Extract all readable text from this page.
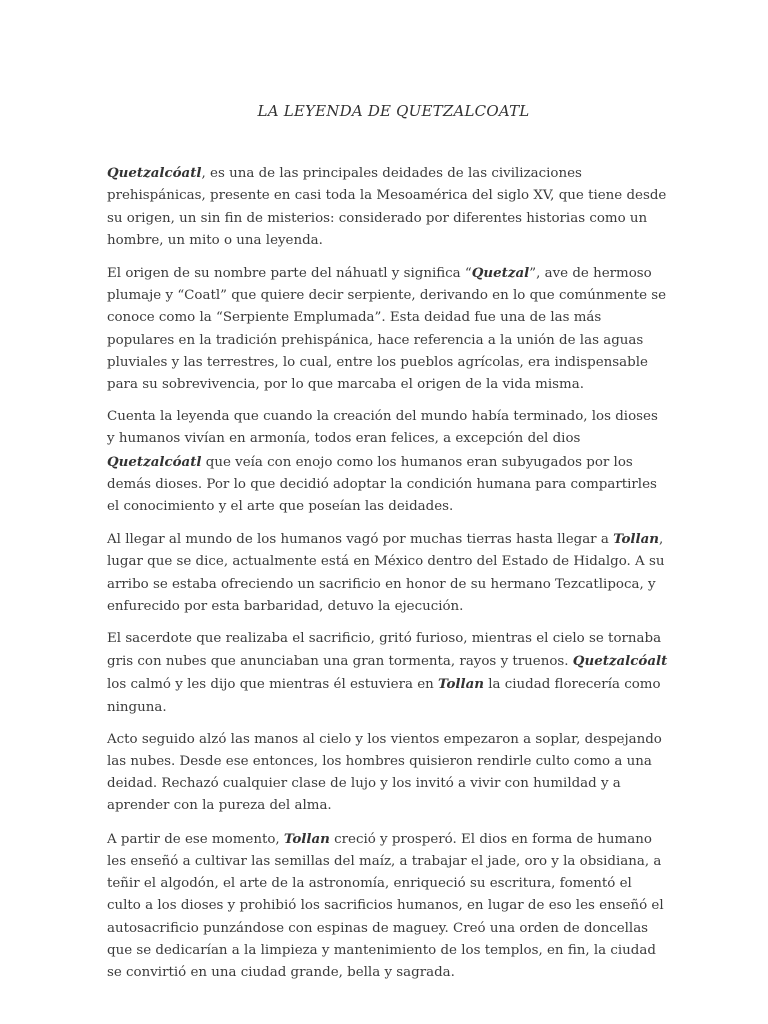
LA LEYENDA DE QUETZALCOATL

Quetzalcóatl, es una de las principales deidades de las civilizaciones prehispánicas, presente en casi toda la Mesoamérica del siglo XV, que tiene desde su origen, un sin fin de misterios: considerado por diferentes historias como un hombre, un mito o una leyenda.

El origen de su nombre parte del náhuatl y significa “Quetzal”, ave de hermoso plumaje y “Coatl” que quiere decir serpiente, derivando en lo que comúnmente se conoce como la “Serpiente Emplumada”. Esta deidad fue una de las más populares en la tradición prehispánica, hace referencia a la unión de las aguas pluviales y las terrestres, lo cual, entre los pueblos agrícolas, era indispensable para su sobrevivencia, por lo que marcaba el origen de la vida misma.

Cuenta la leyenda que cuando la creación del mundo había terminado, los dioses y humanos vivían en armonía, todos eran felices, a excepción del dios Quetzalcóatl que veía con enojo como los humanos eran subyugados por los demás dioses. Por lo que decidió adoptar la condición humana para compartirles el conocimiento y el arte que poseían las deidades.

Al llegar al mundo de los humanos vagó por muchas tierras hasta llegar a Tollan, lugar que se dice, actualmente está en México dentro del Estado de Hidalgo. A su arribo se estaba ofreciendo un sacrificio en honor de su hermano Tezcatlipoca, y enfurecido por esta barbaridad, detuvo la ejecución.

El sacerdote que realizaba el sacrificio, gritó furioso, mientras el cielo se tornaba gris con nubes que anunciaban una gran tormenta, rayos y truenos. Quetzalcóalt los calmó y les dijo que mientras él estuviera en Tollan la ciudad florecería como ninguna.

Acto seguido alzó las manos al cielo y los vientos empezaron a soplar, despejando las nubes. Desde ese entonces, los hombres quisieron rendirle culto como a una deidad. Rechazó cualquier clase de lujo y los invitó a vivir con humildad y a aprender con la pureza del alma.

A partir de ese momento, Tollan creció y prosperó. El dios en forma de humano les enseñó a cultivar las semillas del maíz, a trabajar el jade, oro y la obsidiana, a teñir el algodón, el arte de la astronomía, enriqueció su escritura, fomentó el culto a los dioses y prohibió los sacrificios humanos, en lugar de eso les enseñó el autosacrificio punzándose con espinas de maguey. Creó una orden de doncellas que se dedicarían a la limpieza y mantenimiento de los templos, en fin, la ciudad se convirtió en una ciudad grande, bella y sagrada.
